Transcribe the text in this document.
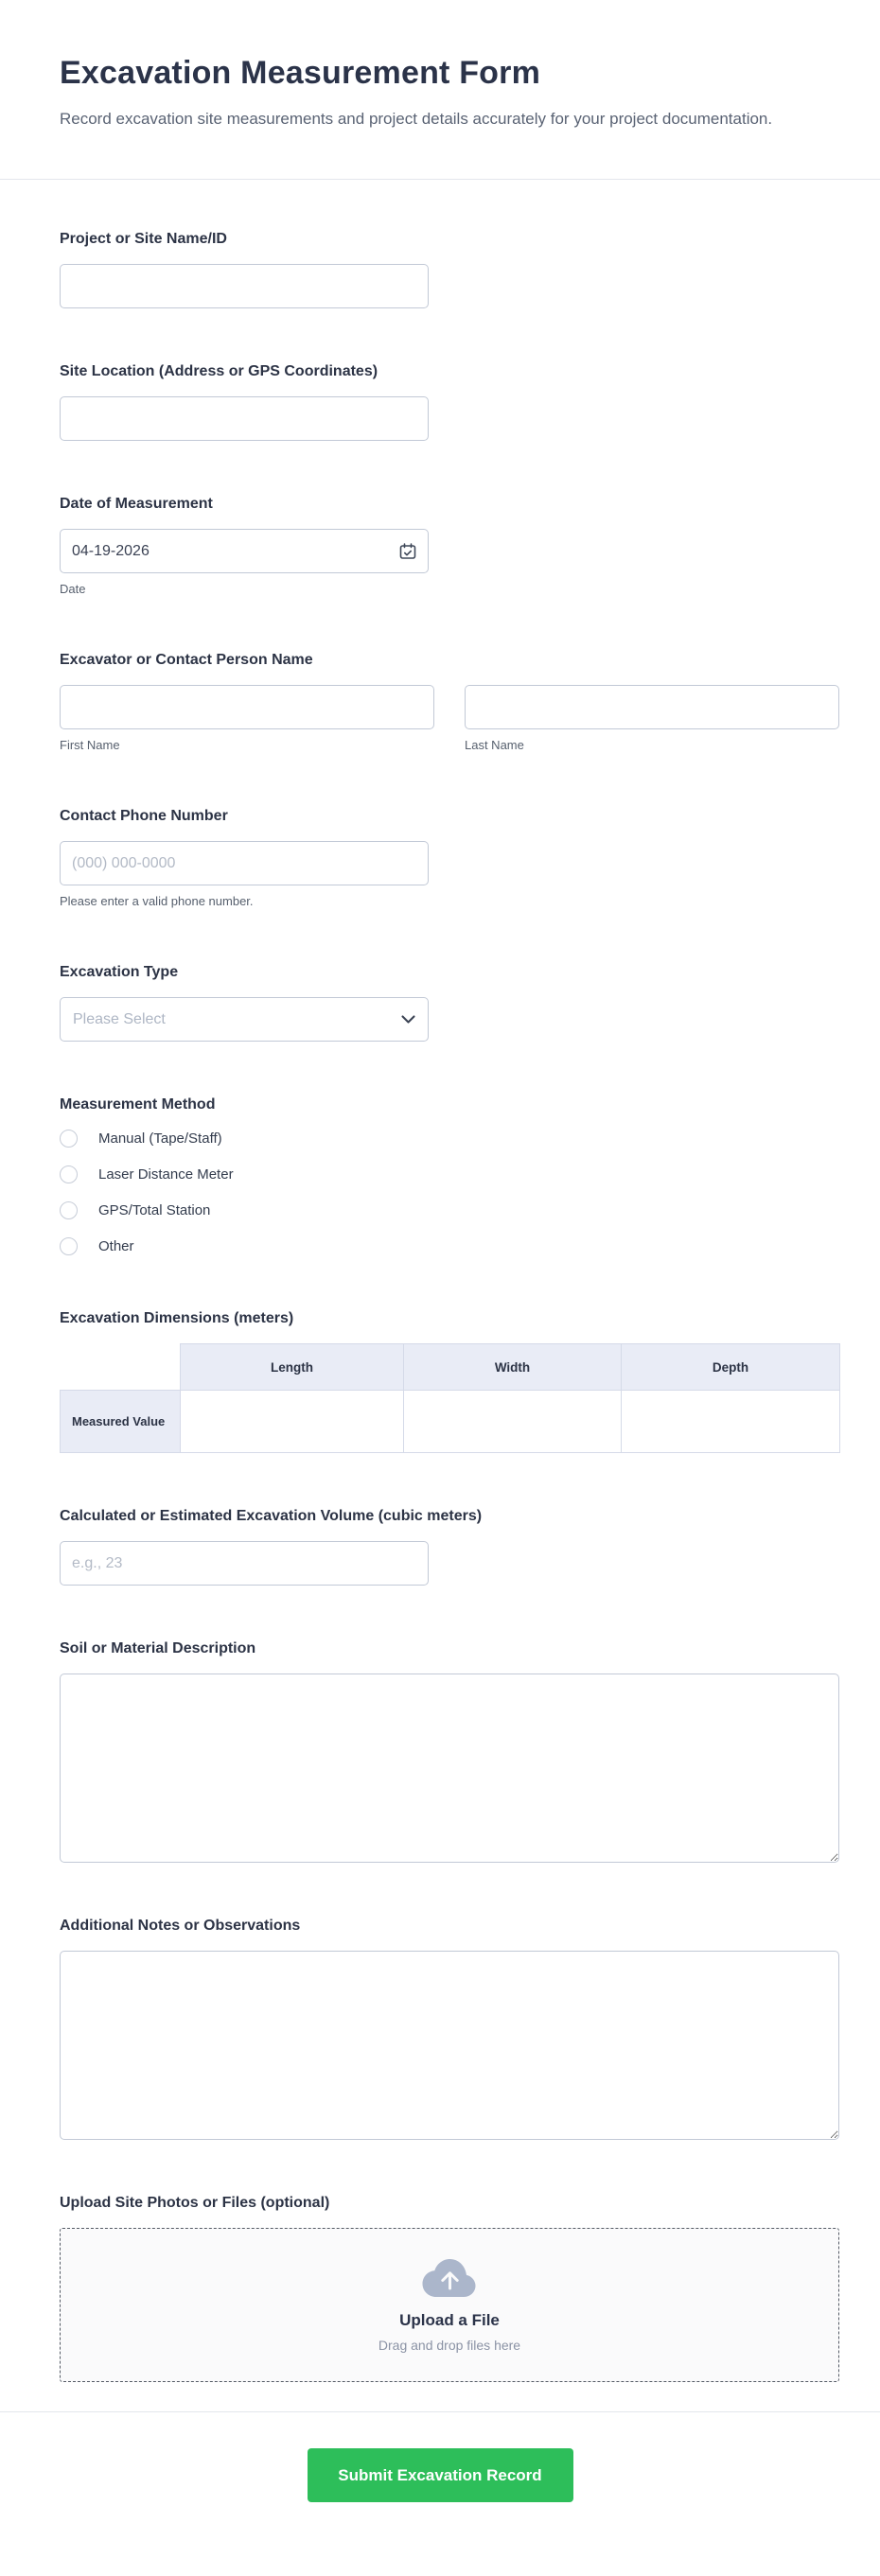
Excavation Measurement Form

Record excavation site measurements and project details accurately for your project documentation.

Project or Site Name/ID
Site Location (Address or GPS Coordinates)
Date of Measurement
04-19-2026
Date
Excavator or Contact Person Name
First Name	Last Name
Contact Phone Number
(000) 000-0000
Please enter a valid phone number.
Excavation Type
Please Select
Measurement Method
Manual (Tape/Staff)
Laser Distance Meter
GPS/Total Station
Other
Excavation Dimensions (meters)
	Length	Width	Depth
Measured Value			
Calculated or Estimated Excavation Volume (cubic meters)
e.g., 23
Soil or Material Description
Additional Notes or Observations
Upload Site Photos or Files (optional)
Upload a File
Drag and drop files here
Submit Excavation Record
